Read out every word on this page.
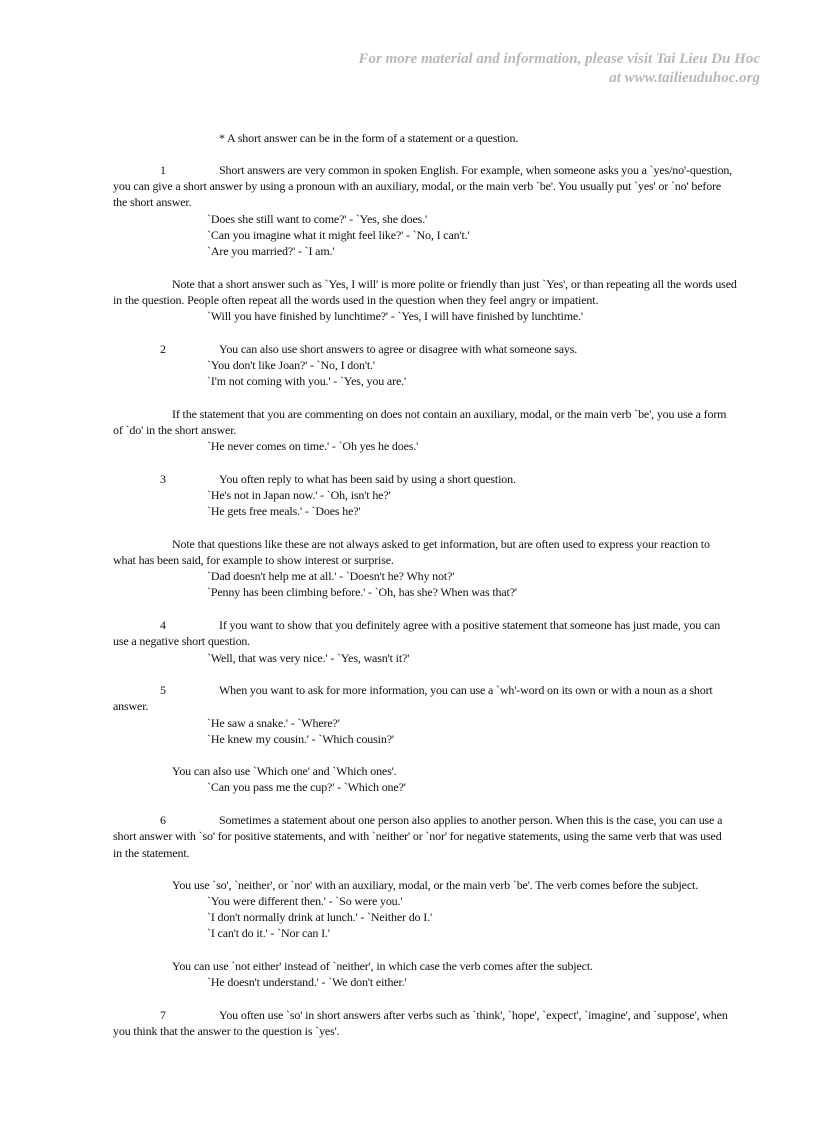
For more material and information, please visit Tai Lieu Du Hoc
at www.tailieuduhoc.org
* A short answer can be in the form of a statement or a question.
1	Short answers are very common in spoken English. For example, when someone asks you a `yes/no'-question,
you can give a short answer by using a pronoun with an auxiliary, modal, or the main verb `be'. You usually put `yes' or `no' before
the short answer.
`Does she still want to come?' - `Yes, she does.'
`Can you imagine what it might feel like?' - `No, I can't.'
`Are you married?' - `I am.'
Note that a short answer such as `Yes, I will' is more polite or friendly than just `Yes', or than repeating all the words used
in the question. People often repeat all the words used in the question when they feel angry or impatient.
`Will you have finished by lunchtime?' - `Yes, I will have finished by lunchtime.'
2	You can also use short answers to agree or disagree with what someone says.
`You don't like Joan?' - `No, I don't.'
`I'm not coming with you.' - `Yes, you are.'
If the statement that you are commenting on does not contain an auxiliary, modal, or the main verb `be', you use a form
of `do' in the short answer.
`He never comes on time.' - `Oh yes he does.'
3	You often reply to what has been said by using a short question.
`He's not in Japan now.' - `Oh, isn't he?'
`He gets free meals.' - `Does he?'
Note that questions like these are not always asked to get information, but are often used to express your reaction to
what has been said, for example to show interest or surprise.
`Dad doesn't help me at all.' - `Doesn't he? Why not?'
`Penny has been climbing before.' - `Oh, has she? When was that?'
4	If you want to show that you definitely agree with a positive statement that someone has just made, you can
use a negative short question.
`Well, that was very nice.' - `Yes, wasn't it?'
5	When you want to ask for more information, you can use a `wh'-word on its own or with a noun as a short
answer.
`He saw a snake.' - `Where?'
`He knew my cousin.' - `Which cousin?'
You can also use `Which one' and `Which ones'.
`Can you pass me the cup?' - `Which one?'
6	Sometimes a statement about one person also applies to another person. When this is the case, you can use a
short answer with `so' for positive statements, and with `neither' or `nor' for negative statements, using the same verb that was used
in the statement.
You use `so', `neither', or `nor' with an auxiliary, modal, or the main verb `be'. The verb comes before the subject.
`You were different then.' - `So were you.'
`I don't normally drink at lunch.' - `Neither do I.'
`I can't do it.' - `Nor can I.'
You can use `not either' instead of `neither', in which case the verb comes after the subject.
`He doesn't understand.' - `We don't either.'
7	You often use `so' in short answers after verbs such as `think', `hope', `expect', `imagine', and `suppose', when
you think that the answer to the question is `yes'.
